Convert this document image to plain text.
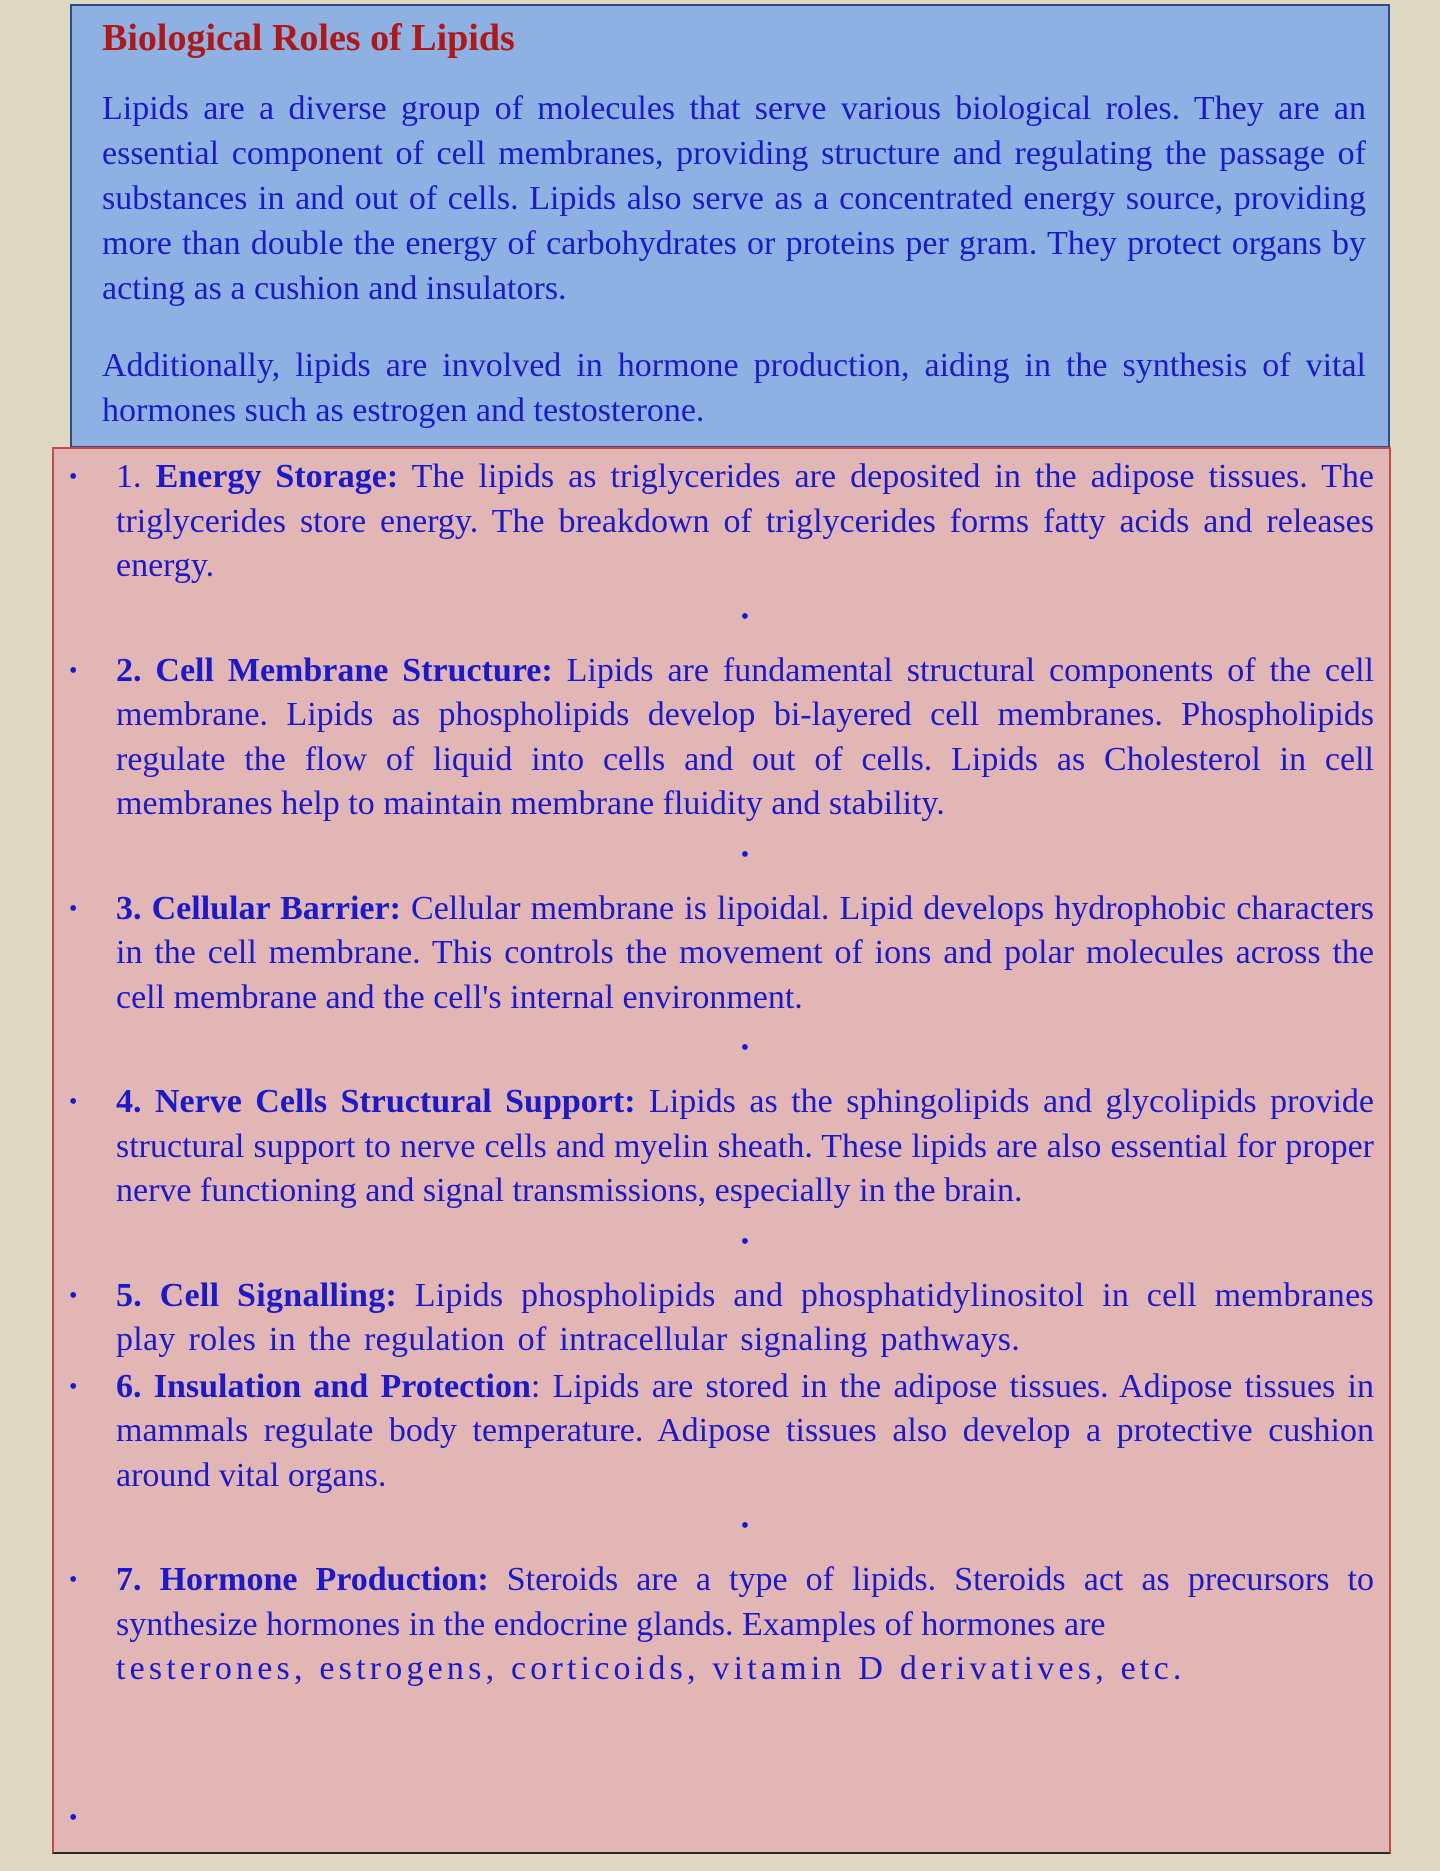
Biological Roles of Lipids

Lipids are a diverse group of molecules that serve various biological roles. They are an essential component of cell membranes, providing structure and regulating the passage of substances in and out of cells. Lipids also serve as a concentrated energy source, providing more than double the energy of carbohydrates or proteins per gram. They protect organs by acting as a cushion and insulators.

Additionally, lipids are involved in hormone production, aiding in the synthesis of vital hormones such as estrogen and testosterone.

• 1. Energy Storage: The lipids as triglycerides are deposited in the adipose tissues. The triglycerides store energy. The breakdown of triglycerides forms fatty acids and releases energy.
•
• 2. Cell Membrane Structure: Lipids are fundamental structural components of the cell membrane. Lipids as phospholipids develop bi-layered cell membranes. Phospholipids regulate the flow of liquid into cells and out of cells. Lipids as Cholesterol in cell membranes help to maintain membrane fluidity and stability.
•
• 3. Cellular Barrier: Cellular membrane is lipoidal. Lipid develops hydrophobic characters in the cell membrane. This controls the movement of ions and polar molecules across the cell membrane and the cell's internal environment.
•
• 4. Nerve Cells Structural Support: Lipids as the sphingolipids and glycolipids provide structural support to nerve cells and myelin sheath. These lipids are also essential for proper nerve functioning and signal transmissions, especially in the brain.
•
• 5. Cell Signalling: Lipids phospholipids and phosphatidylinositol in cell membranes play roles in the regulation of intracellular signaling pathways.
• 6. Insulation and Protection: Lipids are stored in the adipose tissues. Adipose tissues in mammals regulate body temperature. Adipose tissues also develop a protective cushion around vital organs.
•
• 7. Hormone Production: Steroids are a type of lipids. Steroids act as precursors to synthesize hormones in the endocrine glands. Examples of hormones are
testerones, estrogens, corticoids, vitamin D derivatives, etc.
•
